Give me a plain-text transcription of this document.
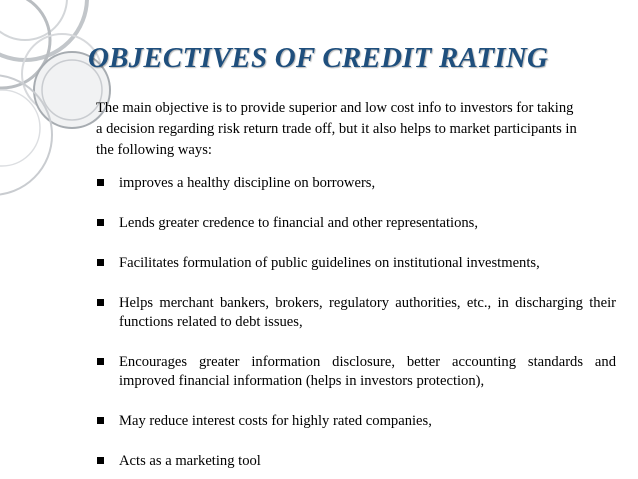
OBJECTIVES OF CREDIT RATING

The main objective is to provide superior and low cost info to investors for taking a decision regarding risk return trade off, but it also helps to market participants in the following ways:

improves a healthy discipline on borrowers,
Lends greater credence to financial and other representations,
Facilitates formulation of public guidelines on institutional investments,
Helps merchant bankers, brokers, regulatory authorities, etc., in discharging their functions related to debt issues,
Encourages greater information disclosure, better accounting standards and improved financial information (helps in investors protection),
May reduce interest costs for highly rated companies,
Acts as a marketing tool
